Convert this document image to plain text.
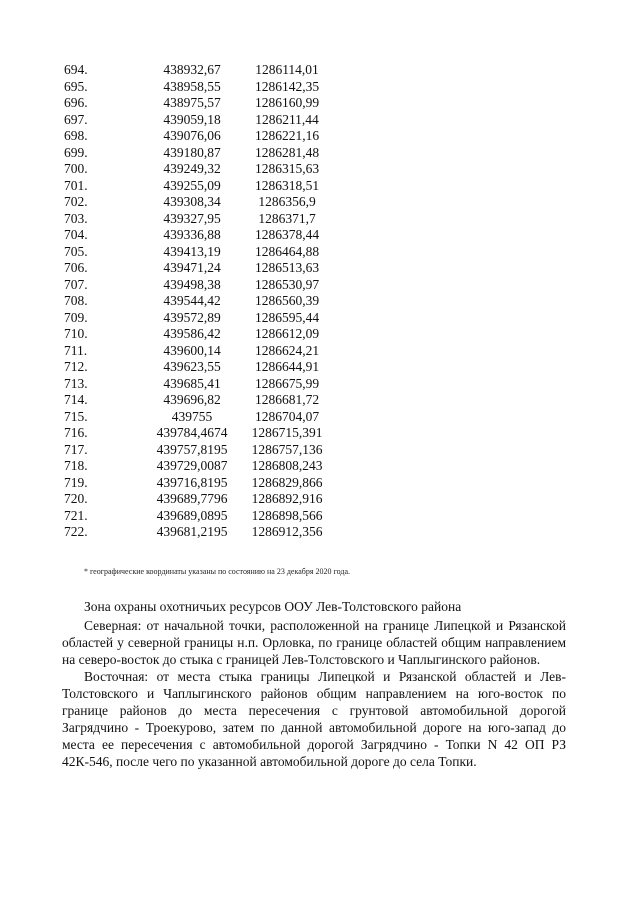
694.	438932,67	1286114,01
695.	438958,55	1286142,35
696.	438975,57	1286160,99
697.	439059,18	1286211,44
698.	439076,06	1286221,16
699.	439180,87	1286281,48
700.	439249,32	1286315,63
701.	439255,09	1286318,51
702.	439308,34	1286356,9
703.	439327,95	1286371,7
704.	439336,88	1286378,44
705.	439413,19	1286464,88
706.	439471,24	1286513,63
707.	439498,38	1286530,97
708.	439544,42	1286560,39
709.	439572,89	1286595,44
710.	439586,42	1286612,09
711.	439600,14	1286624,21
712.	439623,55	1286644,91
713.	439685,41	1286675,99
714.	439696,82	1286681,72
715.	439755	1286704,07
716.	439784,4674	1286715,391
717.	439757,8195	1286757,136
718.	439729,0087	1286808,243
719.	439716,8195	1286829,866
720.	439689,7796	1286892,916
721.	439689,0895	1286898,566
722.	439681,2195	1286912,356
* географические координаты указаны по состоянию на 23 декабря 2020 года.
Зона охраны охотничьих ресурсов ООУ Лев-Толстовского района

Северная: от начальной точки, расположенной на границе Липецкой и Рязанской областей у северной границы н.п. Орловка, по границе областей общим направлением на северо-восток до стыка с границей Лев-Толстовского и Чаплыгинского районов.

Восточная: от места стыка границы Липецкой и Рязанской областей и Лев-Толстовского и Чаплыгинского районов общим направлением на юго-восток по границе районов до места пересечения с грунтовой автомобильной дорогой Загрядчино - Троекурово, затем по данной автомобильной дороге на юго-запад до места ее пересечения с автомобильной дорогой Загрядчино - Топки N 42 ОП РЗ 42К-546, после чего по указанной автомобильной дороге до села Топки.
